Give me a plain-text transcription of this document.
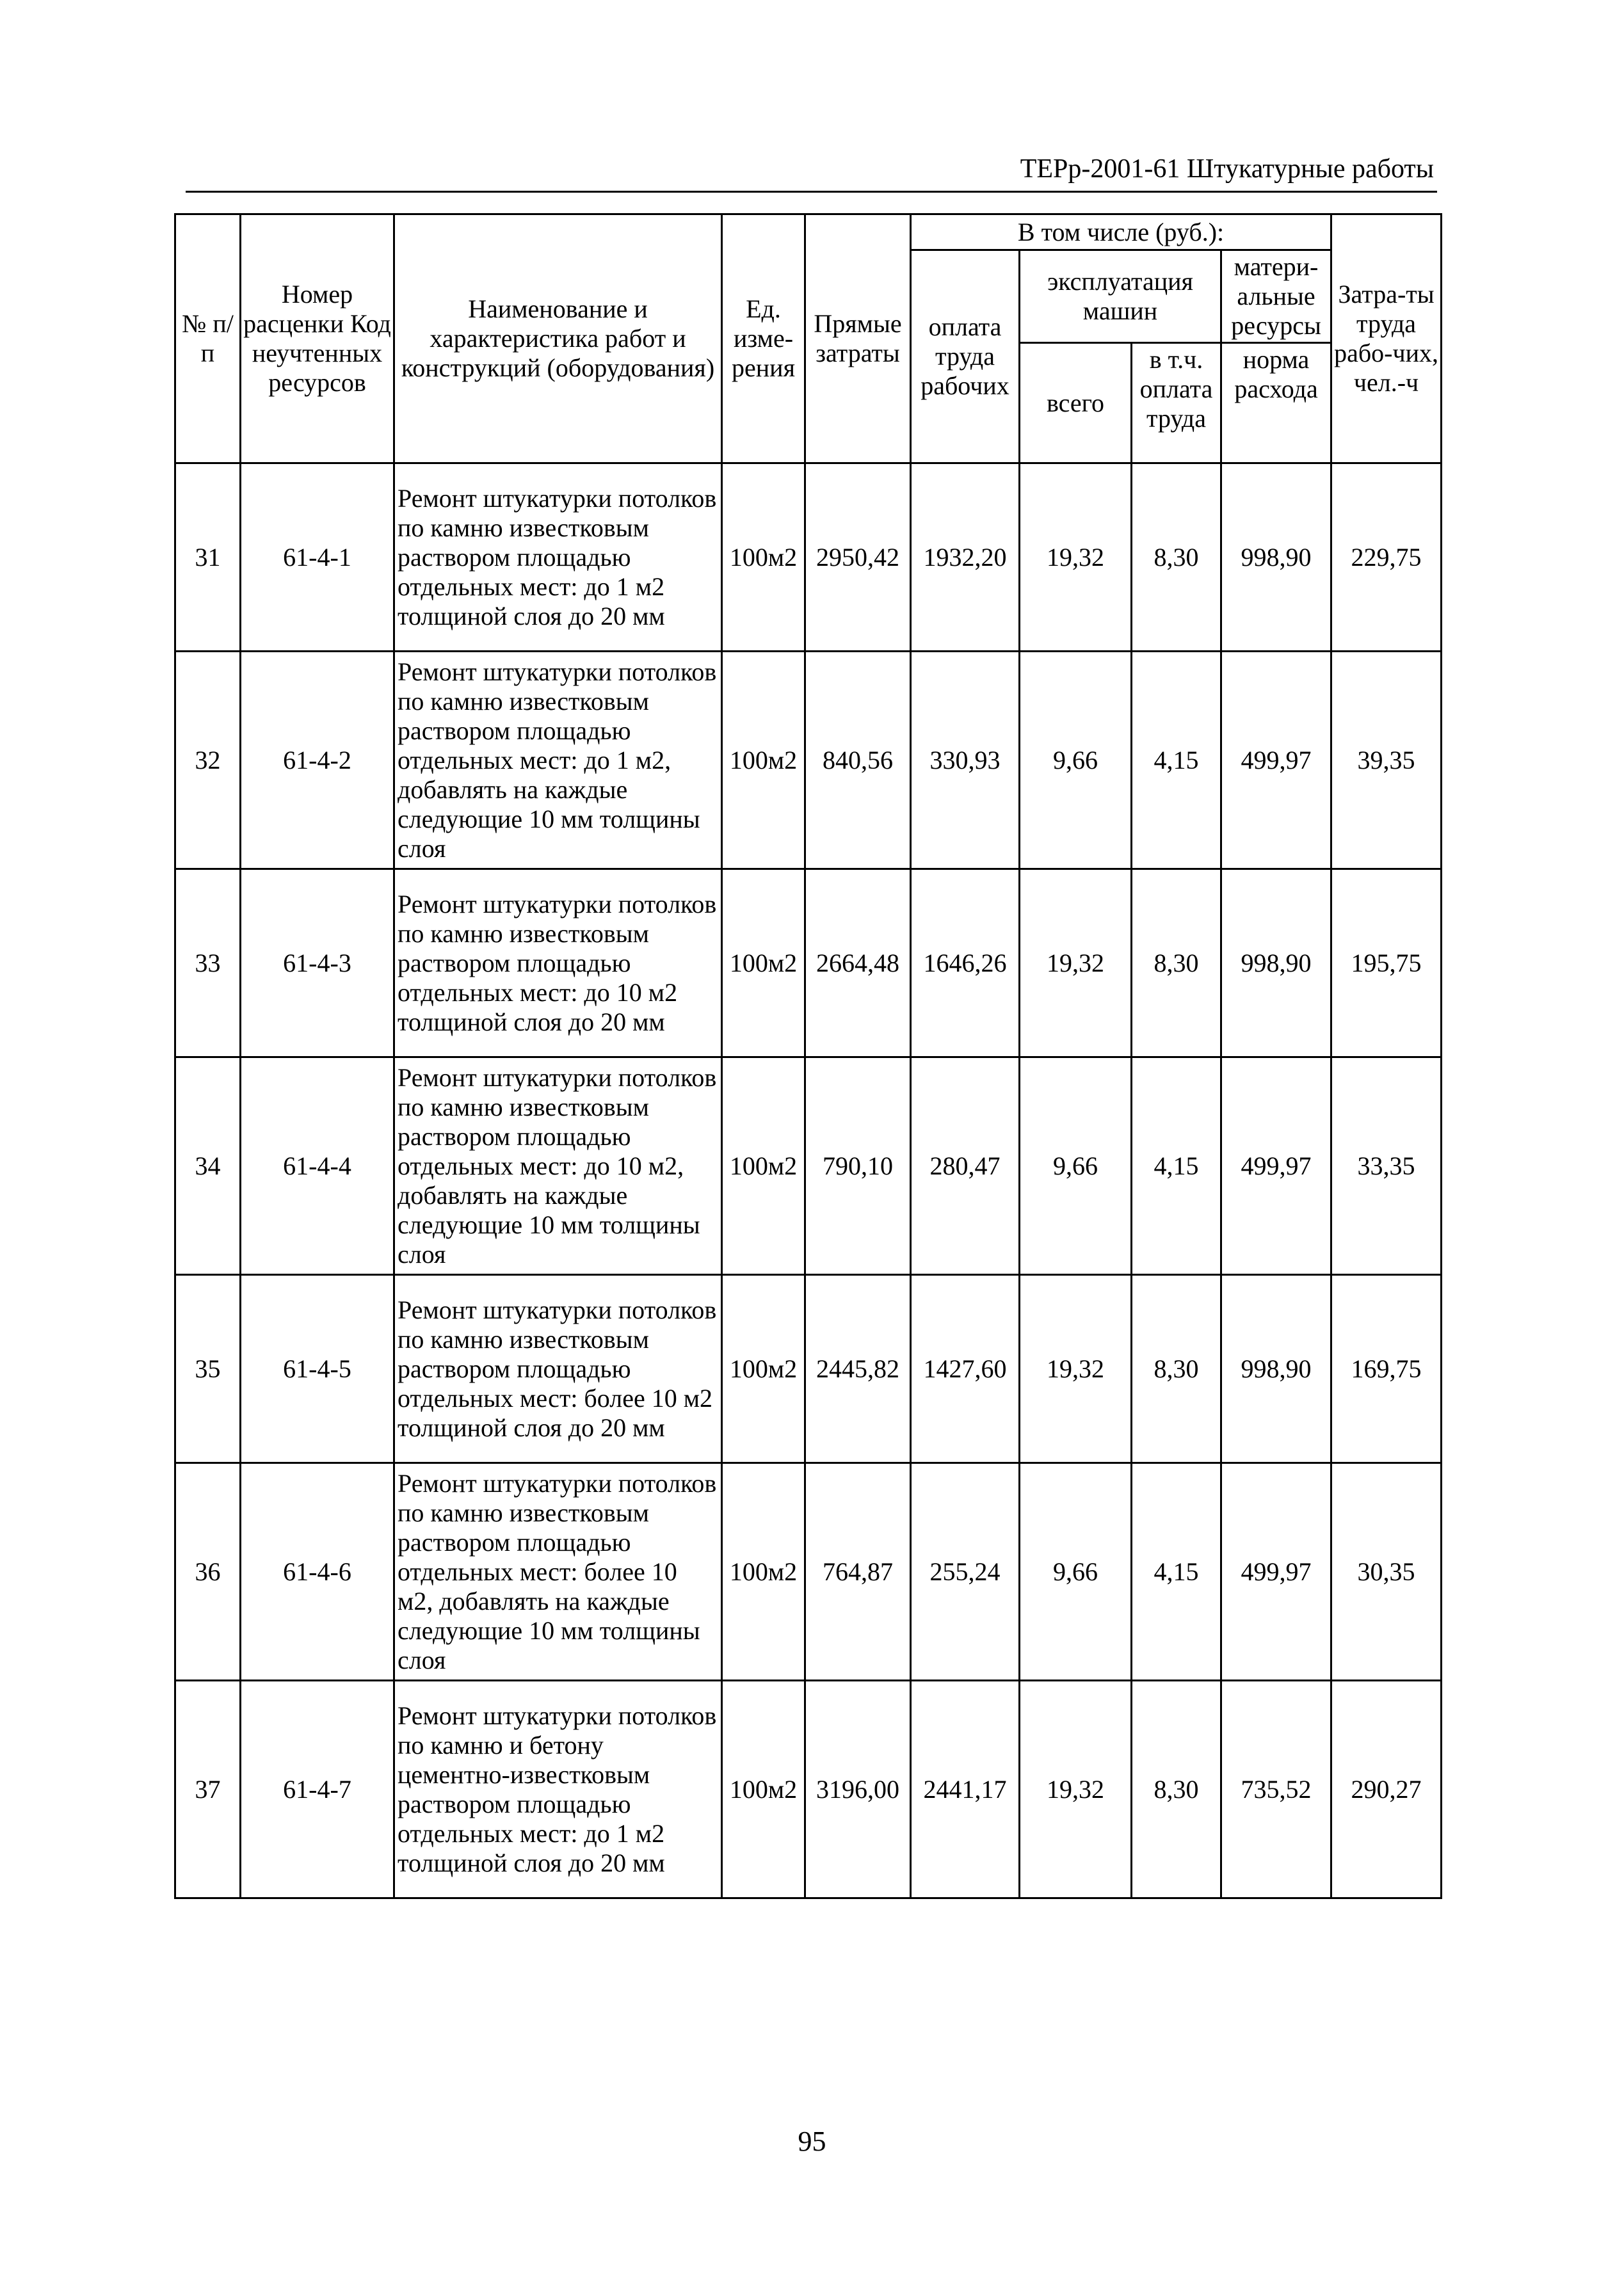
ТЕРр-2001-61 Штукатурные работы
№ п/п	Номер расценки Код неучтенных ресурсов	Наименование и характеристика работ и конструкций (оборудования)	Ед. изме-рения	Прямые затраты	В том числе (руб.):				Затра-ты труда рабо-чих, чел.-ч
					оплата труда рабочих	эксплуатация машин		матери-альные ресурсы	
						всего	в т.ч. оплата труда	норма расхода	

31	61-4-1	Ремонт штукатурки потолков по камню известковым раствором площадью отдельных мест: до 1 м2 толщиной слоя до 20 мм	100м2	2950,42	1932,20	19,32	8,30	998,90	229,75
32	61-4-2	Ремонт штукатурки потолков по камню известковым раствором площадью отдельных мест: до 1 м2, добавлять на каждые следующие 10 мм толщины слоя	100м2	840,56	330,93	9,66	4,15	499,97	39,35
33	61-4-3	Ремонт штукатурки потолков по камню известковым раствором площадью отдельных мест: до 10 м2 толщиной слоя до 20 мм	100м2	2664,48	1646,26	19,32	8,30	998,90	195,75
34	61-4-4	Ремонт штукатурки потолков по камню известковым раствором площадью отдельных мест: до 10 м2, добавлять на каждые следующие 10 мм толщины слоя	100м2	790,10	280,47	9,66	4,15	499,97	33,35
35	61-4-5	Ремонт штукатурки потолков по камню известковым раствором площадью отдельных мест: более 10 м2 толщиной слоя до 20 мм	100м2	2445,82	1427,60	19,32	8,30	998,90	169,75
36	61-4-6	Ремонт штукатурки потолков по камню известковым раствором площадью отдельных мест: более 10 м2, добавлять на каждые следующие 10 мм толщины слоя	100м2	764,87	255,24	9,66	4,15	499,97	30,35
37	61-4-7	Ремонт штукатурки потолков по камню и бетону цементно-известковым раствором площадью отдельных мест: до 1 м2 толщиной слоя до 20 мм	100м2	3196,00	2441,17	19,32	8,30	735,52	290,27
95
